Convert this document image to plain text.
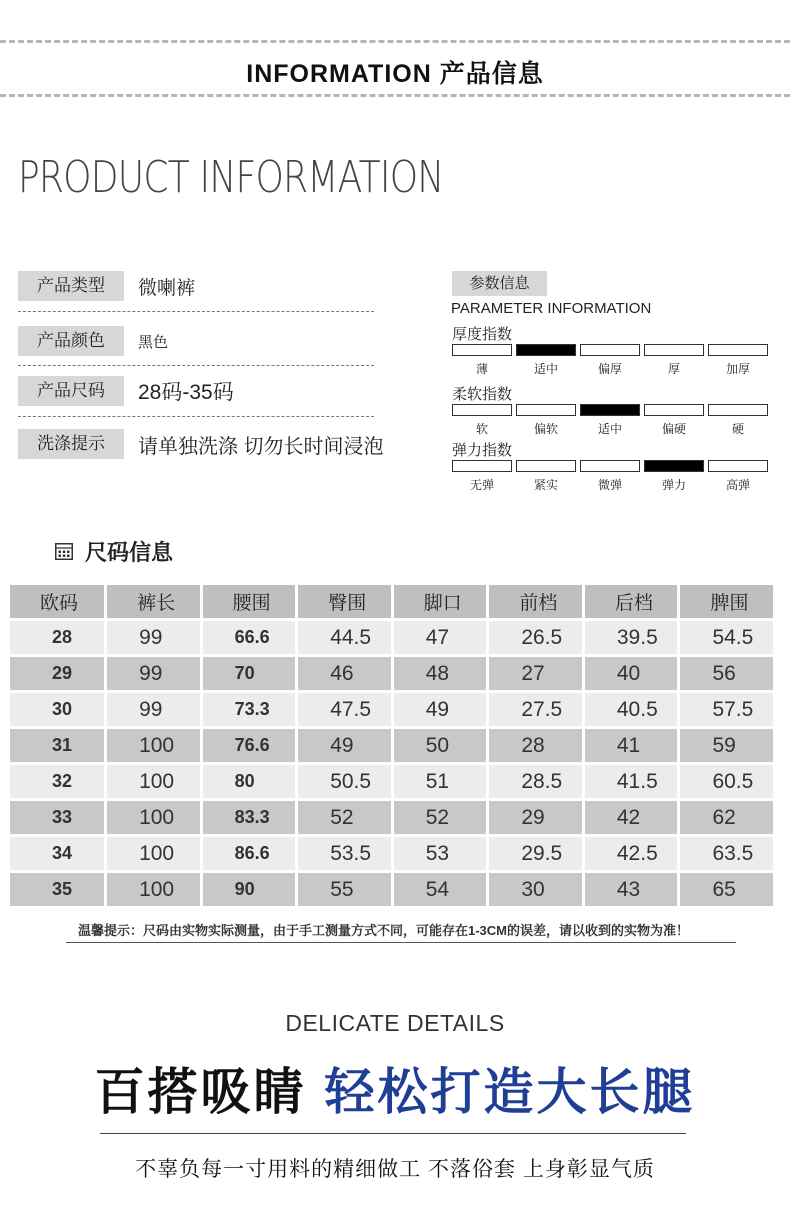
INFORMATION 产品信息
PRODUCT INFORMATION
产品类型	微喇裤
产品颜色	黑色
产品尺码	28码-35码
洗涤提示	请单独洗涤 切勿长时间浸泡
参数信息
PARAMETER INFORMATION
厚度指数
薄	适中	偏厚	厚	加厚
柔软指数
软	偏软	适中	偏硬	硬
弹力指数
无弹	紧实	微弹	弹力	高弹
尺码信息
欧码	裤长	腰围	臀围	脚口	前档	后档	脾围
28	99	66.6	44.5	47	26.5	39.5	54.5
29	99	70	46	48	27	40	56
30	99	73.3	47.5	49	27.5	40.5	57.5
31	100	76.6	49	50	28	41	59
32	100	80	50.5	51	28.5	41.5	60.5
33	100	83.3	52	52	29	42	62
34	100	86.6	53.5	53	29.5	42.5	63.5
35	100	90	55	54	30	43	65
温馨提示：尺码由实物实际测量，由于手工测量方式不同，可能存在1-3CM的误差，请以收到的实物为准！
DELICATE DETAILS
百搭吸睛 轻松打造大长腿
不辜负每一寸用料的精细做工 不落俗套 上身彰显气质
